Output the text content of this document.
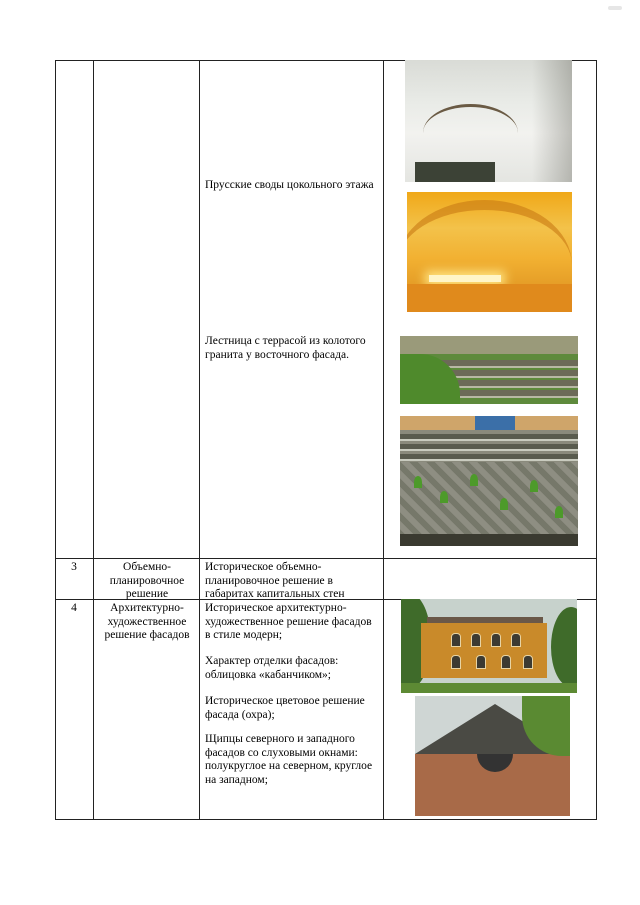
Прусские своды цокольного этажа
Лестница с террасой из колотого гранита у восточного фасада.
3	Объемно-планировочное решение
Историческое объемно-планировочное решение в габаритах капитальных стен
4	Архитектурно-художественное решение фасадов
Историческое архитектурно-художественное решение фасадов в стиле модерн;
Характер отделки фасадов: облицовка «кабанчиком»;
Историческое цветовое решение фасада (охра);
Щипцы северного и западного фасадов со слуховыми окнами: полукруглое на северном, круглое на западном;
